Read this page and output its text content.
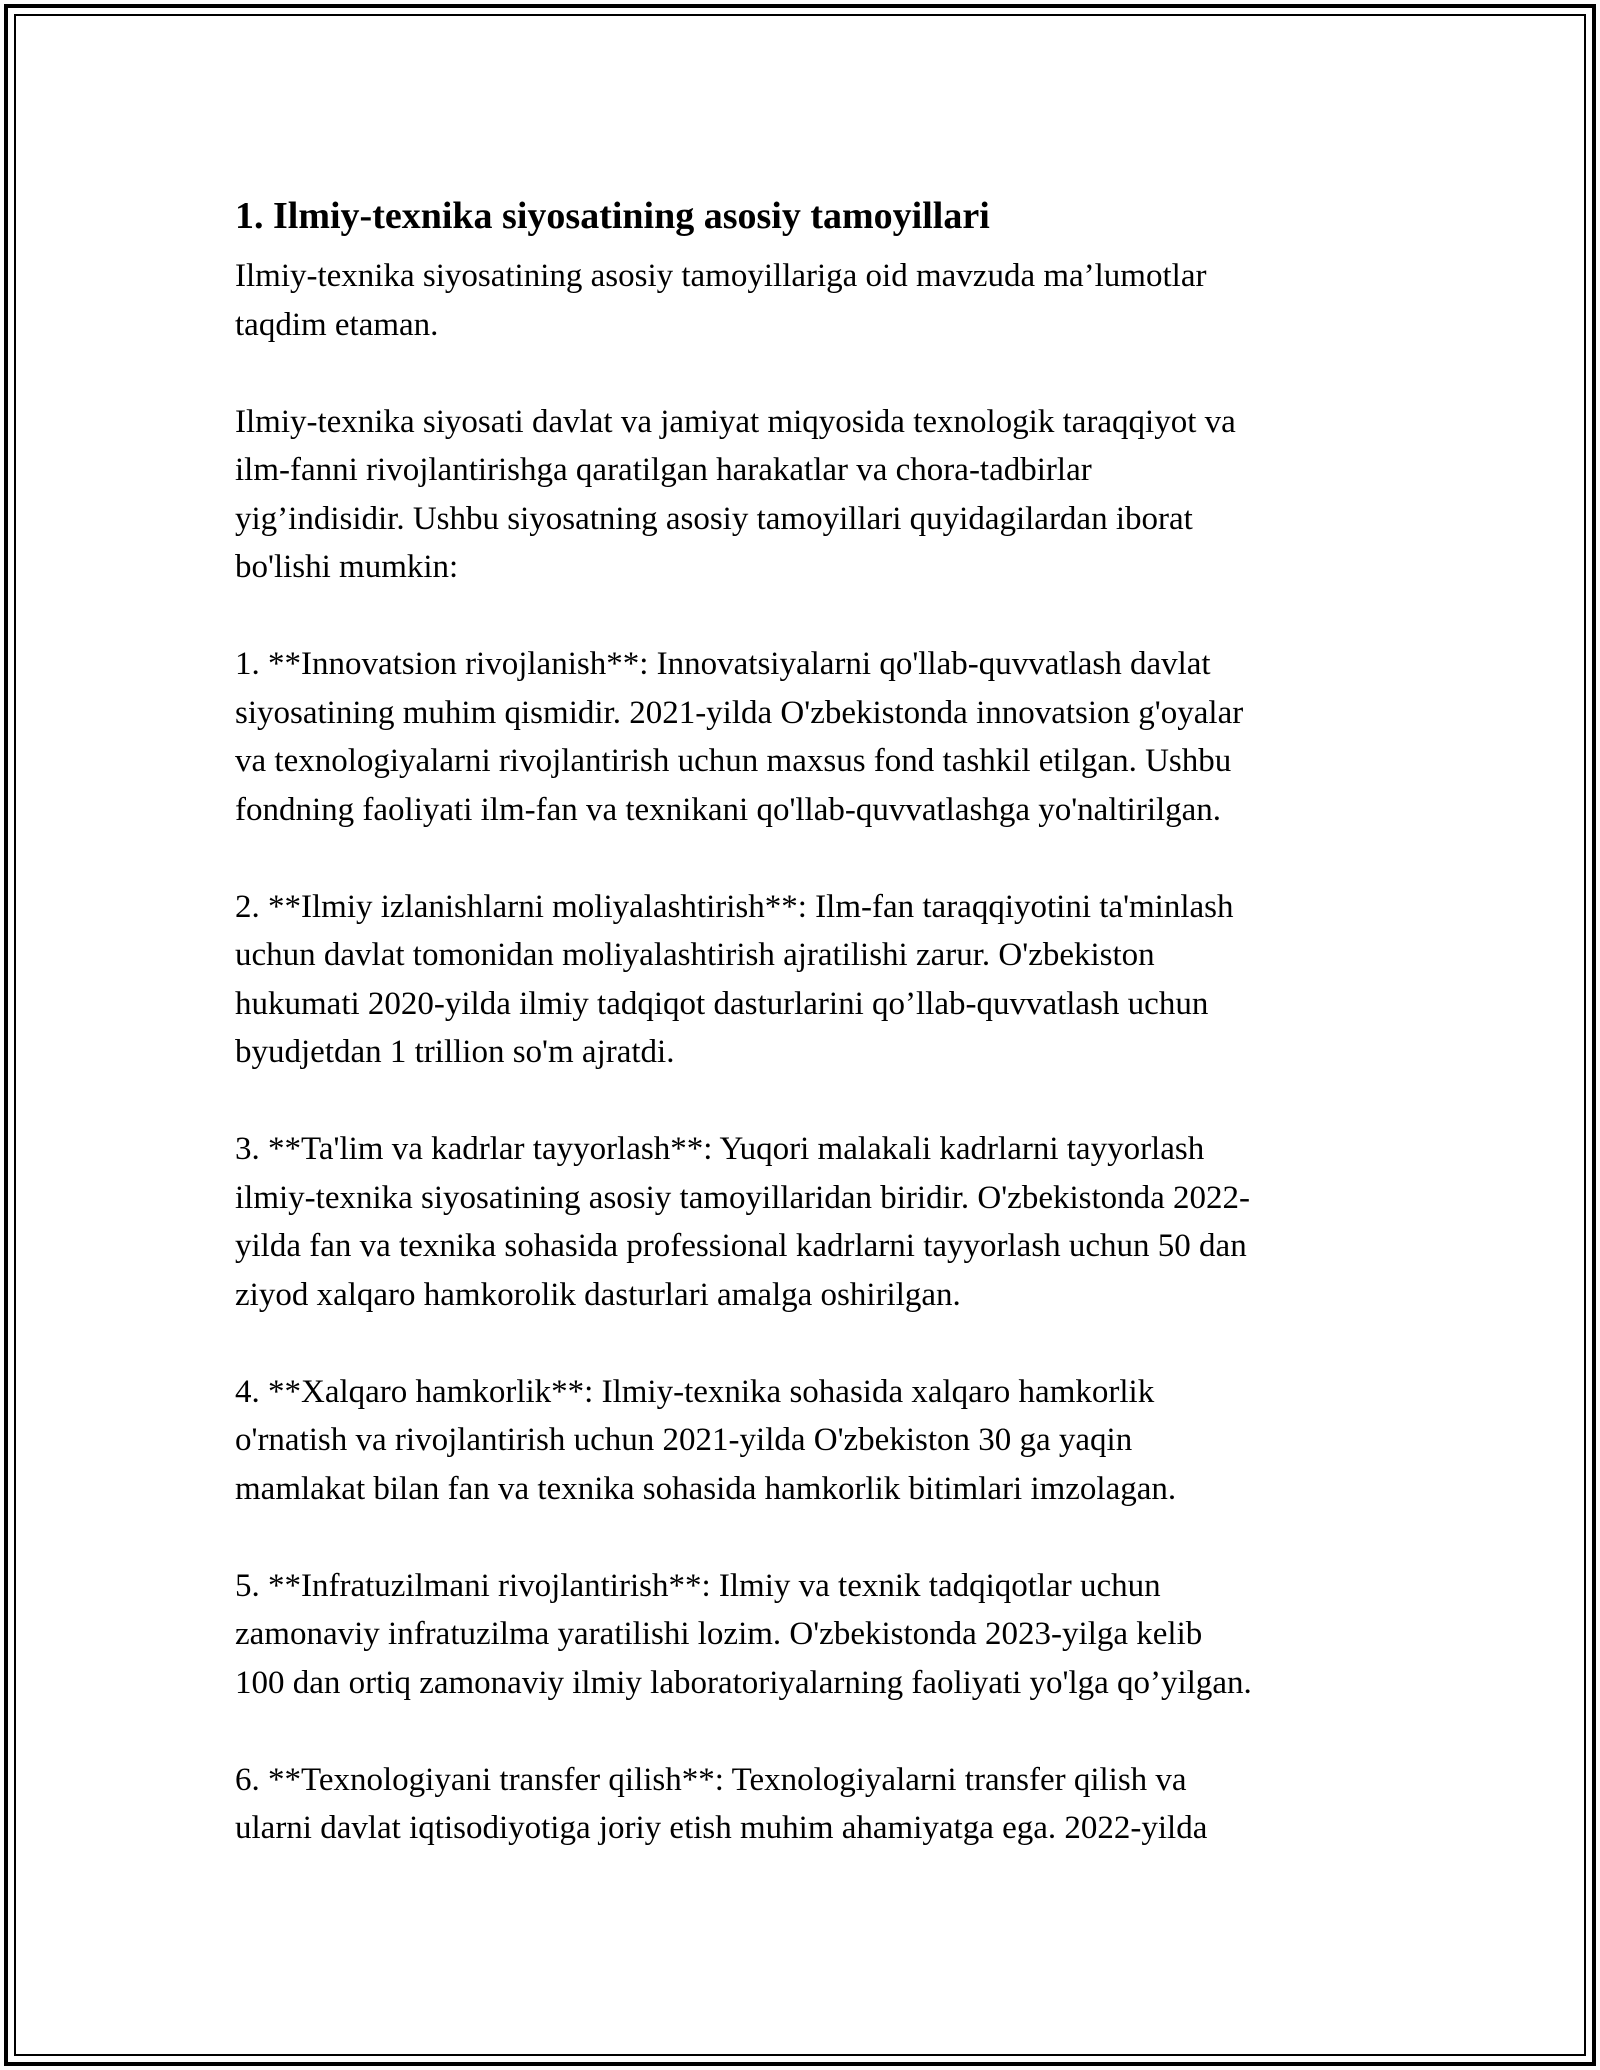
1. Ilmiy-texnika siyosatining asosiy tamoyillari
Ilmiy-texnika siyosatining asosiy tamoyillariga oid mavzuda ma’lumotlar
taqdim etaman.
Ilmiy-texnika siyosati davlat va jamiyat miqyosida texnologik taraqqiyot va
ilm-fanni rivojlantirishga qaratilgan harakatlar va chora-tadbirlar
yig’indisidir. Ushbu siyosatning asosiy tamoyillari quyidagilardan iborat
bo'lishi mumkin:
1. **Innovatsion rivojlanish**: Innovatsiyalarni qo'llab-quvvatlash davlat
siyosatining muhim qismidir. 2021-yilda O'zbekistonda innovatsion g'oyalar
va texnologiyalarni rivojlantirish uchun maxsus fond tashkil etilgan. Ushbu
fondning faoliyati ilm-fan va texnikani qo'llab-quvvatlashga yo'naltirilgan.
2. **Ilmiy izlanishlarni moliyalashtirish**: Ilm-fan taraqqiyotini ta'minlash
uchun davlat tomonidan moliyalashtirish ajratilishi zarur. O'zbekiston
hukumati 2020-yilda ilmiy tadqiqot dasturlarini qo’llab-quvvatlash uchun
byudjetdan 1 trillion so'm ajratdi.
3. **Ta'lim va kadrlar tayyorlash**: Yuqori malakali kadrlarni tayyorlash
ilmiy-texnika siyosatining asosiy tamoyillaridan biridir. O'zbekistonda 2022-
yilda fan va texnika sohasida professional kadrlarni tayyorlash uchun 50 dan
ziyod xalqaro hamkorolik dasturlari amalga oshirilgan.
4. **Xalqaro hamkorlik**: Ilmiy-texnika sohasida xalqaro hamkorlik
o'rnatish va rivojlantirish uchun 2021-yilda O'zbekiston 30 ga yaqin
mamlakat bilan fan va texnika sohasida hamkorlik bitimlari imzolagan.
5. **Infratuzilmani rivojlantirish**: Ilmiy va texnik tadqiqotlar uchun
zamonaviy infratuzilma yaratilishi lozim. O'zbekistonda 2023-yilga kelib
100 dan ortiq zamonaviy ilmiy laboratoriyalarning faoliyati yo'lga qo’yilgan.
6. **Texnologiyani transfer qilish**: Texnologiyalarni transfer qilish va
ularni davlat iqtisodiyotiga joriy etish muhim ahamiyatga ega. 2022-yilda
